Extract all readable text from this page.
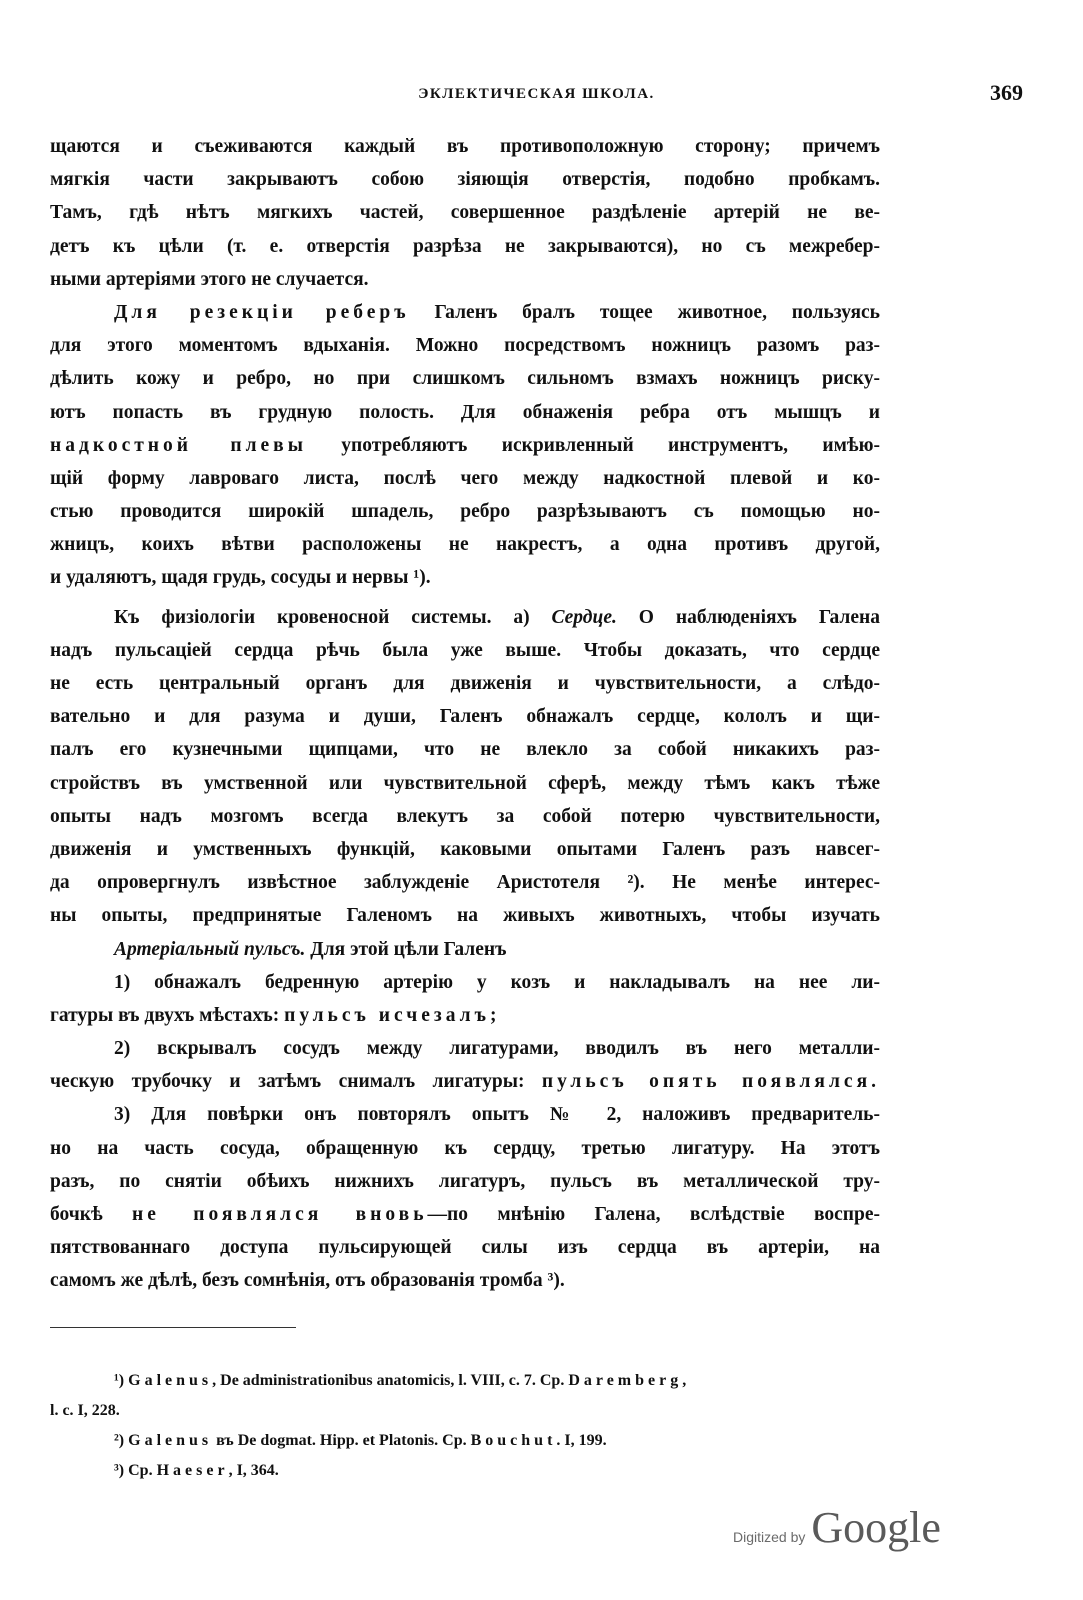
ЭКЛЕКТИЧЕСКАЯ ШКОЛА.	369
щаются и съеживаются каждый въ противоположную сторону; причемъ
мягкія части закрываютъ собою зіяющія отверстія, подобно пробкамъ.
Тамъ, гдѣ нѣтъ мягкихъ частей, совершенное раздѣленіе артерій не ве-
детъ къ цѣли (т. е. отверстія разрѣза не закрываются), но съ межребер-
ными артеріями этого не случается.
Для резекціи реберъ Галенъ бралъ тощее животное, пользуясь
для этого моментомъ вдыханія. Можно посредствомъ ножницъ разомъ раз-
дѣлить кожу и ребро, но при слишкомъ сильномъ взмахъ ножницъ риску-
ютъ попасть въ грудную полость. Для обнаженія ребра отъ мышцъ и
надкостной плевы употребляютъ искривленный инструментъ, имѣю-
щій форму лавроваго листа, послѣ чего между надкостной плевой и ко-
стью проводится широкій шпадель, ребро разрѣзываютъ съ помощью но-
жницъ, коихъ вѣтви расположены не накрестъ, а одна противъ другой,
и удаляютъ, щадя грудь, сосуды и нервы ¹).
Къ физіологіи кровеносной системы. а) Сердце. О наблюденіяхъ Галена
надъ пульсаціей сердца рѣчь была уже выше. Чтобы доказать, что сердце
не есть центральный органъ для движенія и чувствительности, а слѣдо-
вательно и для разума и души, Галенъ обнажалъ сердце, кололъ и щи-
палъ его кузнечными щипцами, что не влекло за собой никакихъ раз-
стройствъ въ умственной или чувствительной сферѣ, между тѣмъ какъ тѣже
опыты надъ мозгомъ всегда влекутъ за собой потерю чувствительности,
движенія и умственныхъ функцій, каковыми опытами Галенъ разъ навсег-
да опровергнулъ извѣстное заблужденіе Аристотеля ²). Не менѣе интерес-
ны опыты, предпринятые Галеномъ на живыхъ животныхъ, чтобы изучать
Артеріальный пульсъ. Для этой цѣли Галенъ
1) обнажалъ бедренную артерію у козъ и накладывалъ на нее ли-
гатуры въ двухъ мѣстахъ: пульсъ исчезалъ;
2) вскрывалъ сосудъ между лигатурами, вводилъ въ него металли-
ческую трубочку и затѣмъ снималъ лигатуры: пульсъ опять появлялся.
3) Для повѣрки онъ повторялъ опытъ № 2, наложивъ предваритель-
но на часть сосуда, обращенную къ сердцу, третью лигатуру. На этотъ
разъ, по снятіи обѣихъ нижнихъ лигатуръ, пульсъ въ металлической тру-
бочкѣ не появлялся вновь—по мнѣнію Галена, вслѣдствіе воспре-
пятствованнаго доступа пульсирующей силы изъ сердца въ артеріи, на
самомъ же дѣлѣ, безъ сомнѣнія, отъ образованія тромба ³).
¹) Galenus, De administrationibus anatomicis, l. VIII, c. 7. Cp. Daremberg,
l. c. I, 228.
²) Galenus въ De dogmat. Hipp. et Platonis. Cp. Bouchut. I, 199.
³) Cp. Haeser, I, 364.
Digitized by Google
